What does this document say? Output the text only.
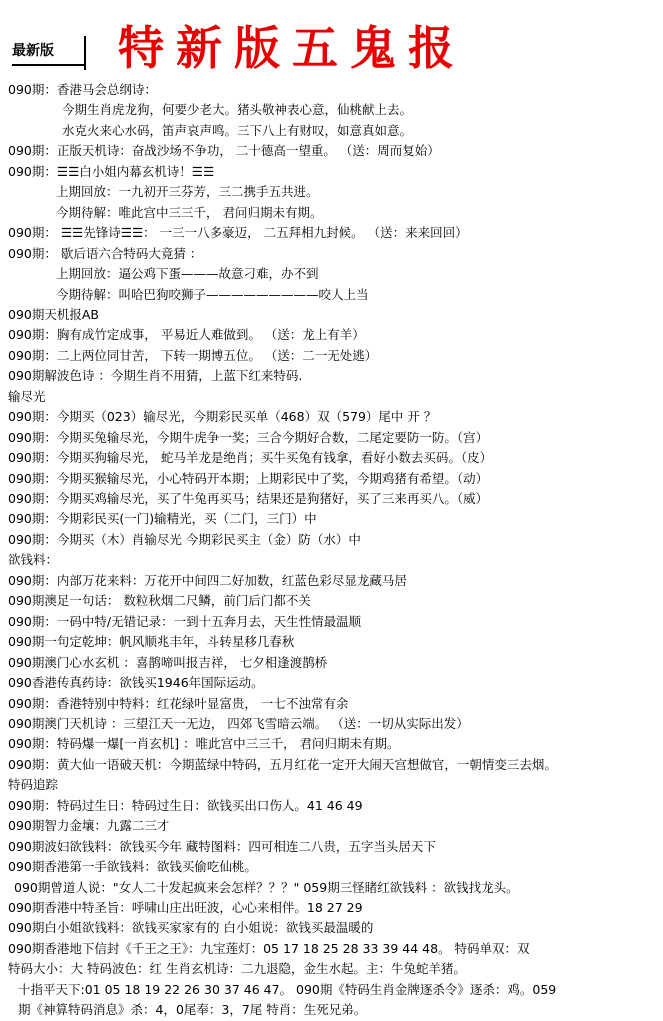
最新版 特新版五鬼报
090期：香港马会总纲诗：
今期生肖虎龙狗，何要少老大。猪头敬神表心意，仙桃献上去。
水克火来心水码，笛声哀声鸣。三下八上有财叹，如意真如意。
090期：正版天机诗：奋战沙场不争功， 二十德高一望重。 （送：周而复始）
090期：☰☰白小姐内幕玄机诗！☰☰
上期回放：一九初开三芬芳，三二携手五共进。
今期待解：唯此宫中三三千， 君问归期未有期。
090期： ☰☰先锋诗☰☰： 一三一八多豪迈， 二五拜相九封候。 （送：来来回回）
090期： 歇后语六合特码大竟猜 ：
上期回放：逼公鸡下蛋———故意刁难，办不到
今期待解：叫哈巴狗咬狮子—————————咬人上当
090期天机报AB
090期：胸有成竹定成事， 平易近人难做到。 （送：龙上有羊）
090期：二上两位同甘苦， 下转一期博五位。 （送：二一无处逃）
090期解波色诗 ：今期生肖不用猜，上蓝下红来特码.
输尽光
090期：今期买（023）输尽光，今期彩民买单（468）双（579）尾中 开 ？
090期：今期买兔输尽光，今期牛虎争一奖；三合今期好合数，二尾定要防一防。（宫）
090期：今期买狗输尽光， 蛇马羊龙是绝肖；买牛买兔有钱拿，看好小数去买码。（皮）
090期：今期买猴输尽光，小心特码开本期；上期彩民中了奖，今期鸡猪有希望。（动）
090期：今期买鸡输尽光，买了牛兔再买马；结果还是狗猪好，买了三来再买八。（威）
090期：今期彩民买(一门)输精光，买（二门，三门）中
090期：今期买（木）肖输尽光 今期彩民买主（金）防（水）中
欲钱料：
090期：内部万花来料：万花开中间四二好加数，红蓝色彩尽显龙藏马居
090期澳足一句话： 数粒秋烟二尺鳞，前门后门都不关
090期：一码中特/无错记录：一到十五奔月去，天生性情最温顺
090期一句定乾坤：帆风顺兆丰年，斗转星移几春秋
090期澳门心水玄机 ：喜鹊啼叫报吉祥， 七夕相逢渡鹊桥
090香港传真药诗：欲钱买1946年国际运动。
090期：香港特别中特料：红花绿叶显富贵， 一七不浊常有余
090期澳门天机诗 ：三望江天一无边， 四郊飞雪暗云端。 （送：一切从实际出发）
090期：特码爆一爆[一肖玄机] ：唯此宫中三三千， 君问归期未有期。
090期：黄大仙一语破天机：今期蓝绿中特码，五月红花一定开大闹天宫想做官，一朝情变三去烟。
特码追踪
090期：特码过生日：特码过生日：欲钱买出口伤人。41 46 49
090期智力金壤：九露二三才
090期波妇欲钱料：欲钱买今年 藏特图料：四可相连二八贵，五字当头居天下
090期香港第一手欲钱料：欲钱买偷吃仙桃。
090期曾道人说："女人二十发起疯来会怎样？？？" 059期三怪睹红欲钱料 ：欲钱找龙头。
090期香港中特圣旨：呼啸山庄出旺波，心心来相伴。18 27 29
090期白小姐欲钱料：欲钱买家家有的 白小姐说：欲钱买最温暖的
090期香港地下信封《千王之王》：九宝莲灯：05 17 18 25 28 33 39 44 48。 特码单双：双
特码大小：大 特码波色：红 生肖玄机诗：二九退隐，金生水起。主：牛兔蛇羊猪。
十指平天下:01 05 18 19 22 26 30 37 46 47。 090期《特码生肖金牌逐杀令》逐杀：鸡。059
期《神算特码消息》杀：4，0尾奉：3，7尾 特肖：生死兄弟。
